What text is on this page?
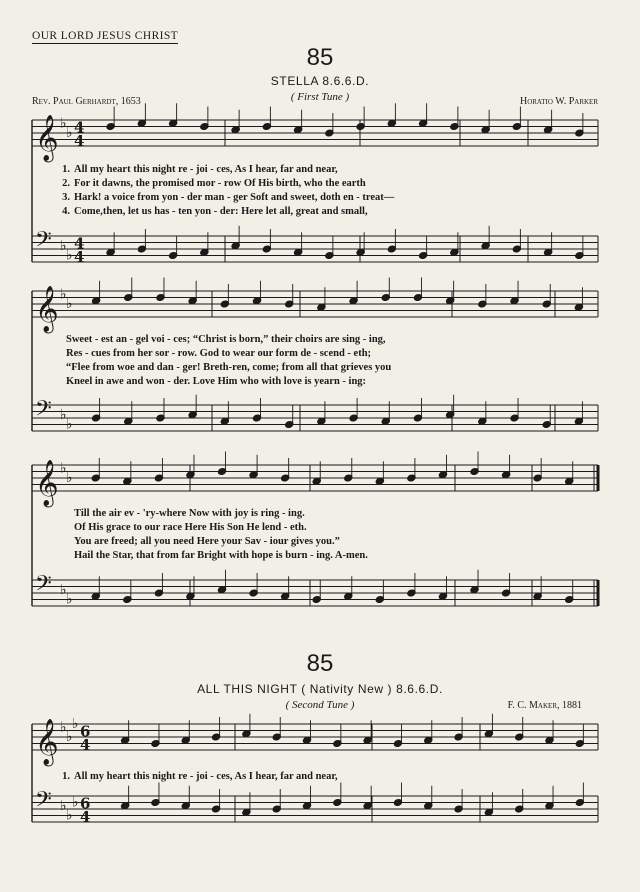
OUR LORD JESUS CHRIST
85
STELLA 8.6.6.D.
( First Tune )
Rev. Paul Gerhardt, 1653	Horatio W. Parker
𝄞 ♭
♭ 4
4
𝄢 ♭
♭
4
4
𝄞 ♭
♭
𝄢 ♭
♭
𝄞 ♭
♭
𝄢 ♭
♭
𝄞 ♭
♭
♭ 6
4
𝄢 ♭
♭
♭ 6
4
1. All my heart this night re - joi - ces, As I hear, far and near,
2. For it dawns, the promised mor - row Of His birth, who the earth
3. Hark! a voice from yon - der man - ger Soft and sweet, doth en - treat—
4. Come,then, let us has - ten yon - der: Here let all, great and small,
Sweet - est an - gel voi - ces; “Christ is born,” their choirs are sing - ing,
Res - cues from her sor - row. God to wear our form de - scend - eth;
“Flee from woe and dan - ger! Breth-ren, come; from all that grieves you
Kneel in awe and won - der. Love Him who with love is yearn - ing:
Till the air ev - 'ry-where Now with joy is ring - ing.
Of His grace to our race Here His Son He lend - eth.
You are freed; all you need Here your Sav - iour gives you.”
Hail the Star, that from far Bright with hope is burn - ing. A-men.
85
ALL THIS NIGHT ( Nativity New ) 8.6.6.D.
( Second Tune )	F. C. Maker, 1881
1. All my heart this night re - joi - ces, As I hear, far and near,
